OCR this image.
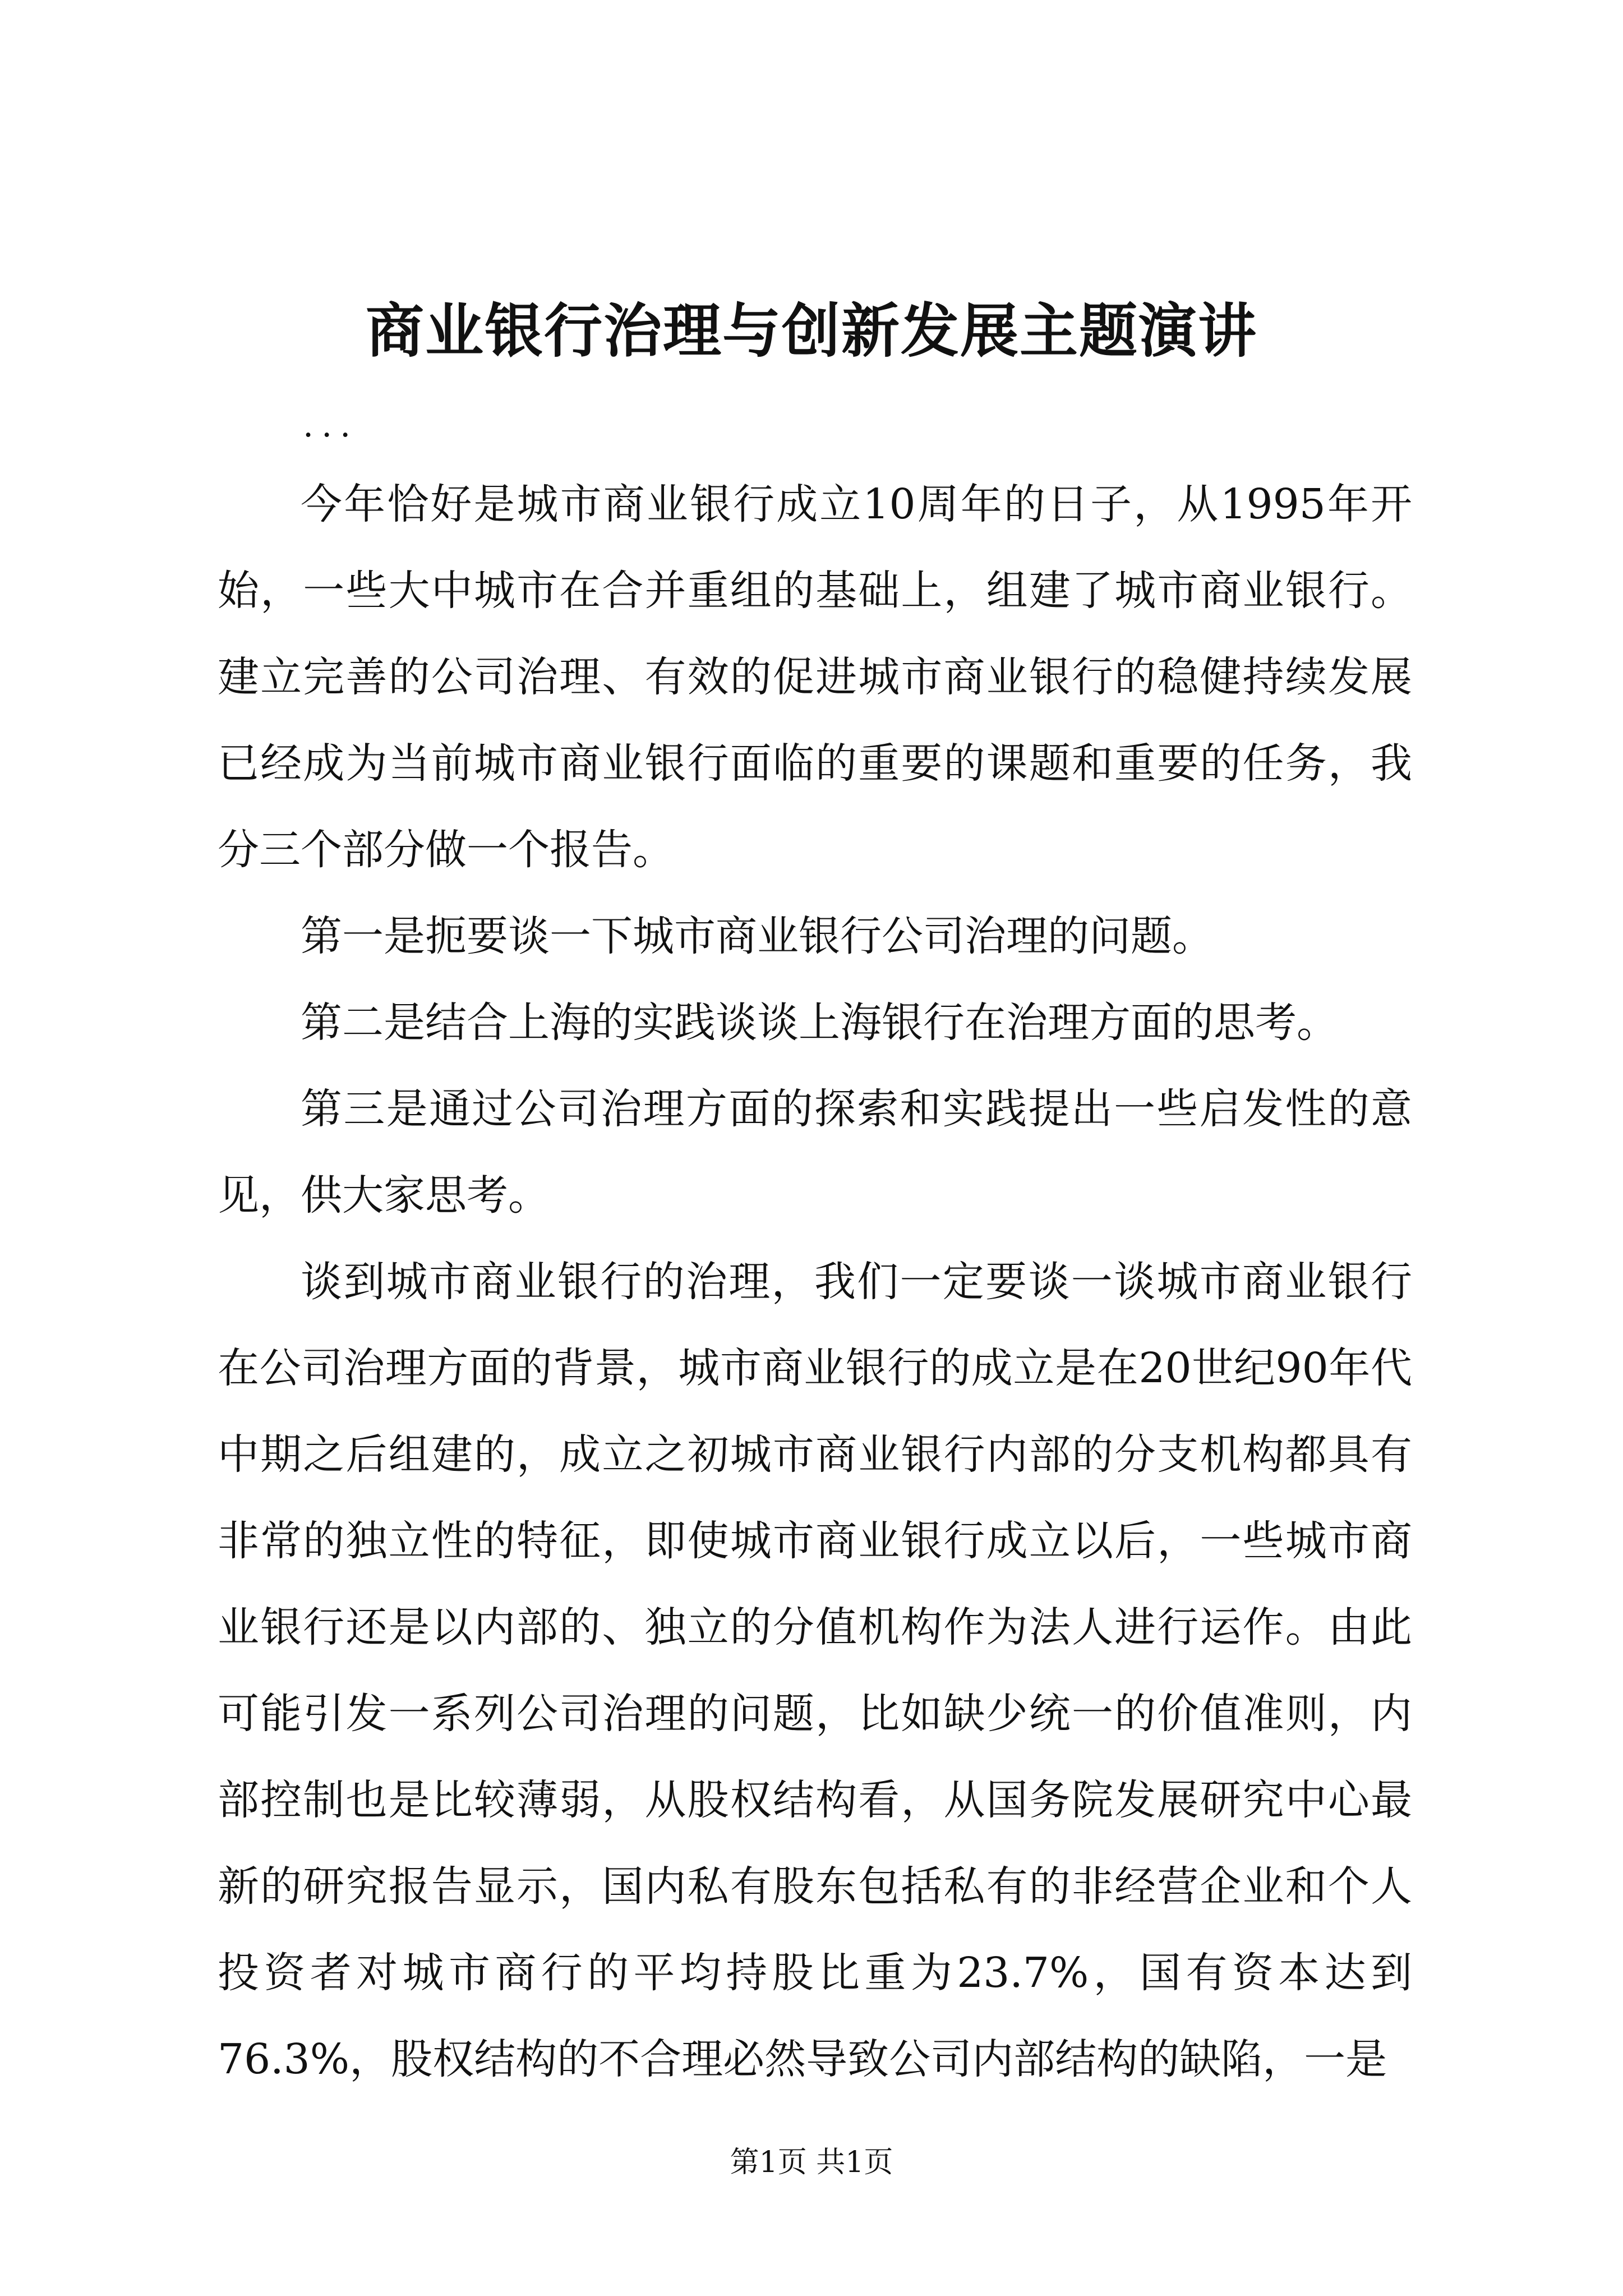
商业银行治理与创新发展主题演讲
...

今年恰好是城市商业银行成立10周年的日子，从1995年开始，一些大中城市在合并重组的基础上，组建了城市商业银行。建立完善的公司治理、有效的促进城市商业银行的稳健持续发展已经成为当前城市商业银行面临的重要的课题和重要的任务，我分三个部分做一个报告。

第一是扼要谈一下城市商业银行公司治理的问题。

第二是结合上海的实践谈谈上海银行在治理方面的思考。

第三是通过公司治理方面的探索和实践提出一些启发性的意见，供大家思考。

谈到城市商业银行的治理，我们一定要谈一谈城市商业银行在公司治理方面的背景，城市商业银行的成立是在20世纪90年代中期之后组建的，成立之初城市商业银行内部的分支机构都具有非常的独立性的特征，即使城市商业银行成立以后，一些城市商业银行还是以内部的、独立的分值机构作为法人进行运作。由此可能引发一系列公司治理的问题，比如缺少统一的价值准则，内部控制也是比较薄弱，从股权结构看，从国务院发展研究中心最新的研究报告显示，国内私有股东包括私有的非经营企业和个人投资者对城市商行的平均持股比重为23.7%，国有资本达到76.3%，股权结构的不合理必然导致公司内部结构的缺陷，一是

第1页 共1页
